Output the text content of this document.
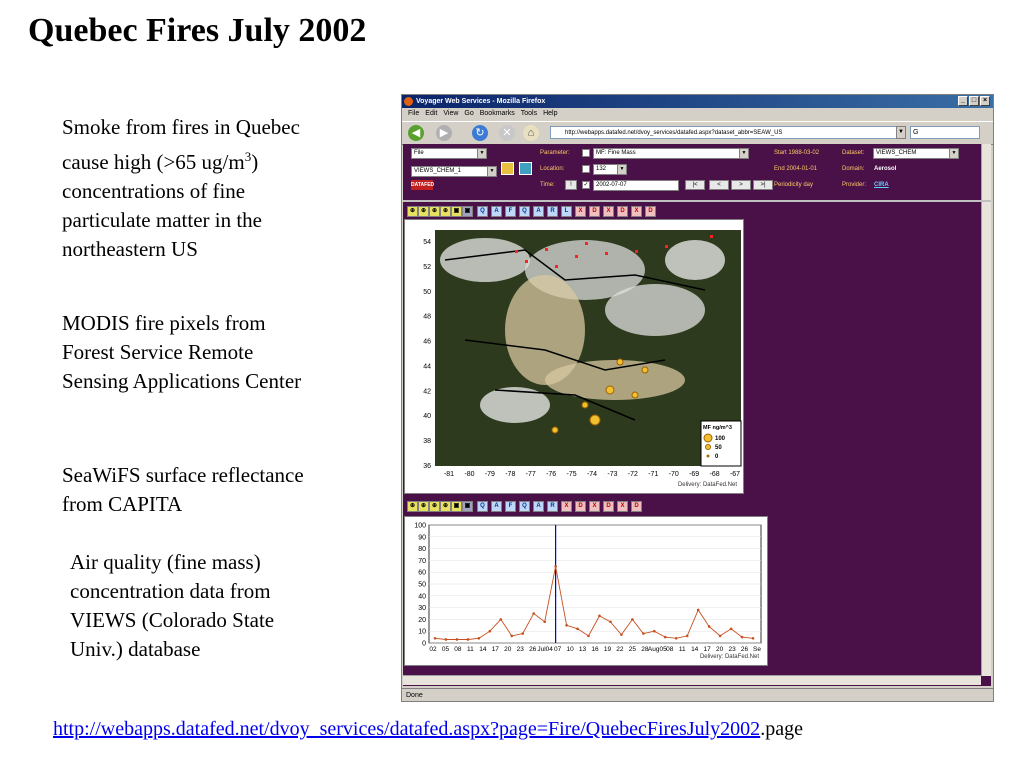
Quebec Fires July 2002
Smoke from fires in Quebec cause high (>65 $ug/m^3$) concentrations of fine particulate matter in the northeastern US
MODIS fire pixels from Forest Service Remote Sensing Applications Center
SeaWiFS surface reflectance from CAPITA
Air quality (fine mass) concentration data from VIEWS (Colorado State Univ.) database
http://webapps.datafed.net/dvoy_services/datafed.aspx?page=Fire/QuebecFiresJuly2002.page
Voyager Web Services - Mozilla Firefox	_ □ ×
File Edit View Go Bookmarks Tools Help
◀	▶	↻	✕	⌂	http://webapps.datafed.net/dvoy_services/datafed.aspx?dataset_abbr=SEAW_US	▼	G
File	▼
VIEWS_CHEM_1	▼
DATAFED
Parameter:	MF: Fine Mass	▼
Location:	132	▼
Time:	!	✓	2002-07-07	|<	<	>	>|
Start 1988-03-02
End 2004-01-01
Periodicity day
Dataset:	VIEWS_CHEM	▼
Domain: Aerosol
Provider: CIRA
⊕ ⊕ ⊕ ⊕ ▣ ▣	Q	A	F	Q	A	R	L	X	D	X	D	X	D
54
52
50
48
46
44
42
40
38
36
-81 -80 -79 -78 -77 -76 -75 -74 -73 -72 -71 -70 -69 -68 -67
MF ng/m^3
100
50
0
Delivery: DataFed.Net
⊕ ⊕ ⊕ ⊕ ▣ ▣	Q	A	F	Q	A	R	X	D	X	D	X	D
100
90
80
70
60
50
40
30
20
10
0
02 05 08 11 14 17 20 23 26 Jul04 07 10 13 16 19 22 25 28 Aug05 08 11 14 17 20 23 26 Se
Delivery: DataFed.Net
Done
